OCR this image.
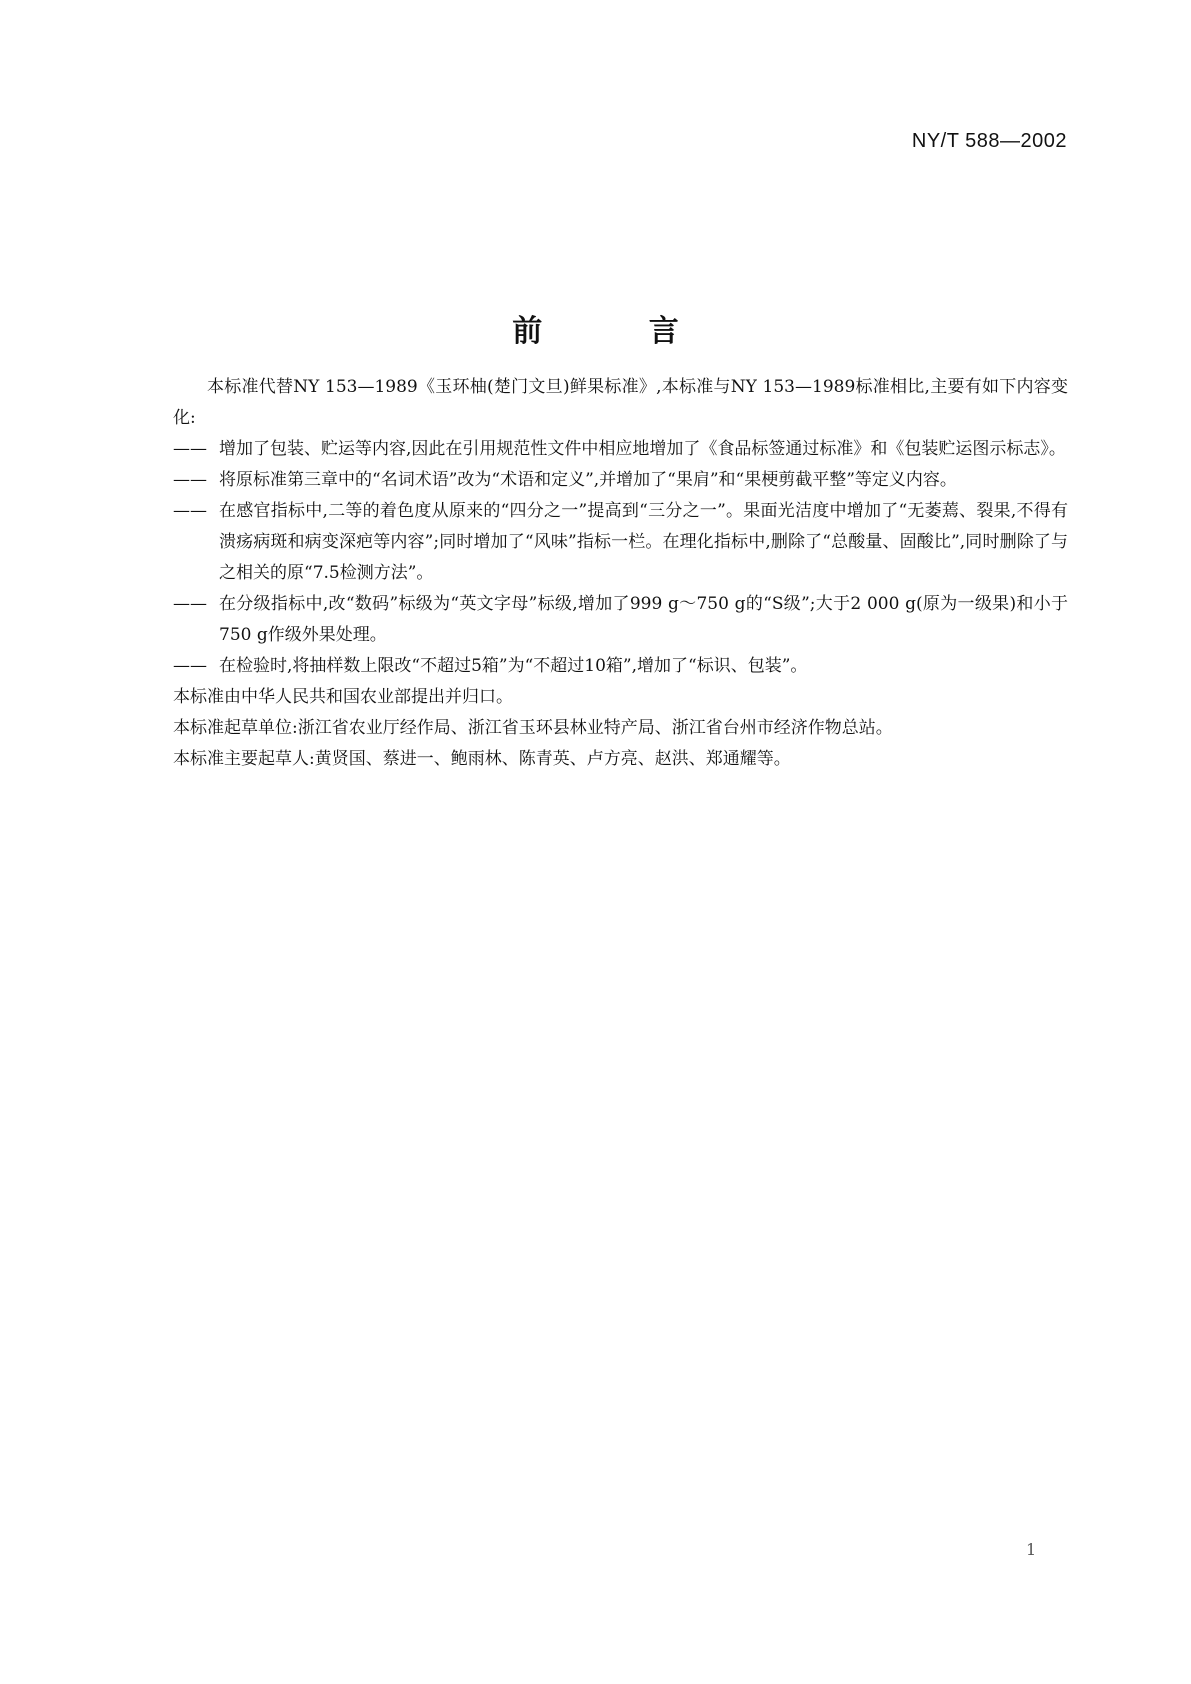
NY/T 588—2002
前 言

本标准代替NY 153—1989《玉环柚(楚门文旦)鲜果标准》,本标准与NY 153—1989标准相比,主要有如下内容变化:

—— 增加了包装、贮运等内容,因此在引用规范性文件中相应地增加了《食品标签通过标准》和《包装贮运图示标志》。

—— 将原标准第三章中的“名词术语”改为“术语和定义”,并增加了“果肩”和“果梗剪截平整”等定义内容。

—— 在感官指标中,二等的着色度从原来的“四分之一”提高到“三分之一”。果面光洁度中增加了“无萎蔫、裂果,不得有溃疡病斑和病变深疤等内容”;同时增加了“风味”指标一栏。在理化指标中,删除了“总酸量、固酸比”,同时删除了与之相关的原“7.5检测方法”。

—— 在分级指标中,改“数码”标级为“英文字母”标级,增加了999 g～750 g的“S级”;大于2 000 g(原为一级果)和小于750 g作级外果处理。

—— 在检验时,将抽样数上限改“不超过5箱”为“不超过10箱”,增加了“标识、包装”。

本标准由中华人民共和国农业部提出并归口。

本标准起草单位:浙江省农业厅经作局、浙江省玉环县林业特产局、浙江省台州市经济作物总站。

本标准主要起草人:黄贤国、蔡进一、鲍雨林、陈青英、卢方亮、赵洪、郑通耀等。

1
